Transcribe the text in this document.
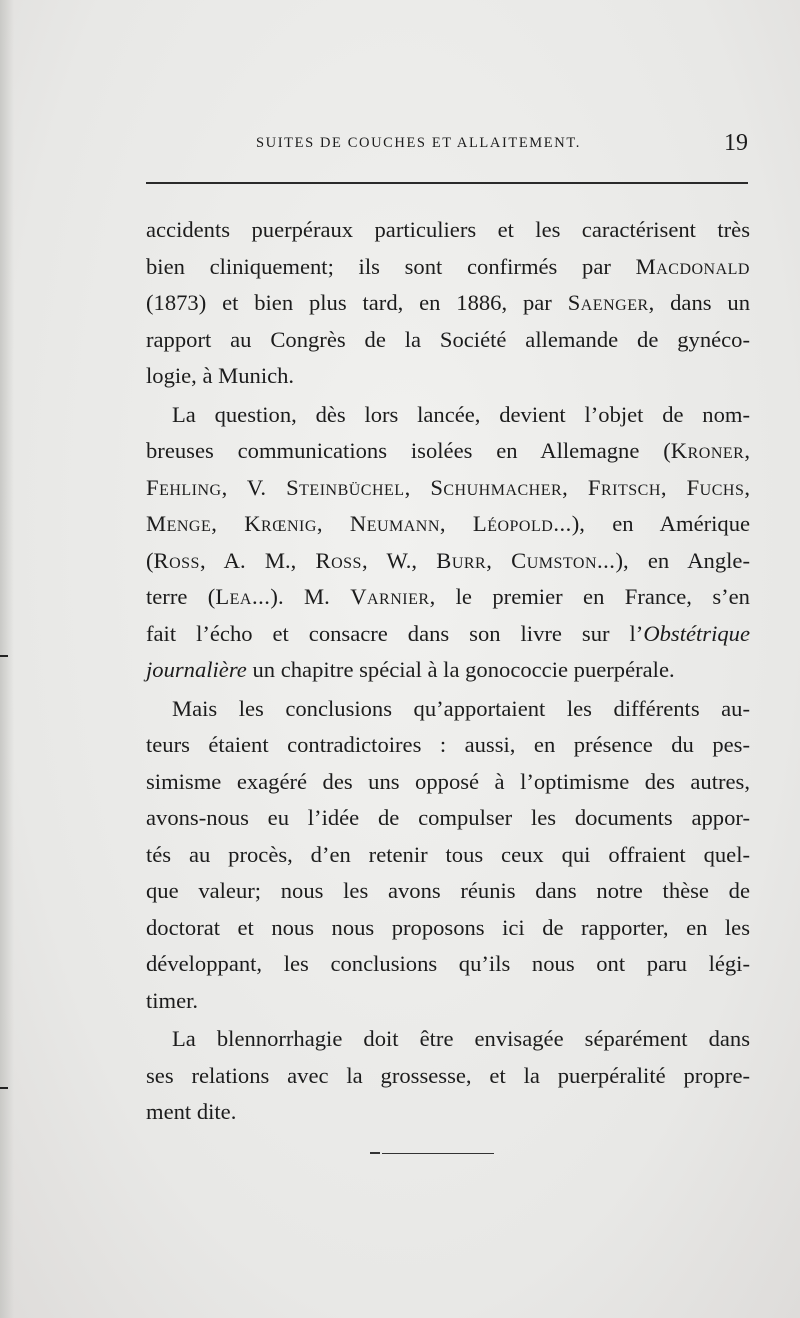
SUITES DE COUCHES ET ALLAITEMENT.	19
accidents puerpéraux particuliers et les caractérisent très
bien cliniquement; ils sont confirmés par Macdonald
(1873) et bien plus tard, en 1886, par Saenger, dans un
rapport au Congrès de la Société allemande de gynéco-
logie, à Munich.
La question, dès lors lancée, devient l’objet de nom-
breuses communications isolées en Allemagne (Kroner,
Fehling, V. Steinbüchel, Schuhmacher, Fritsch, Fuchs,
Menge, Krœnig, Neumann, Léopold...), en Amérique
(Ross, A. M., Ross, W., Burr, Cumston...), en Angle-
terre (Lea...). M. Varnier, le premier en France, s’en
fait l’écho et consacre dans son livre sur l’Obstétrique
journalière un chapitre spécial à la gonococcie puerpérale.
Mais les conclusions qu’apportaient les différents au-
teurs étaient contradictoires : aussi, en présence du pes-
simisme exagéré des uns opposé à l’optimisme des autres,
avons-nous eu l’idée de compulser les documents appor-
tés au procès, d’en retenir tous ceux qui offraient quel-
que valeur; nous les avons réunis dans notre thèse de
doctorat et nous nous proposons ici de rapporter, en les
développant, les conclusions qu’ils nous ont paru légi-
timer.
La blennorrhagie doit être envisagée séparément dans
ses relations avec la grossesse, et la puerpéralité propre-
ment dite.
